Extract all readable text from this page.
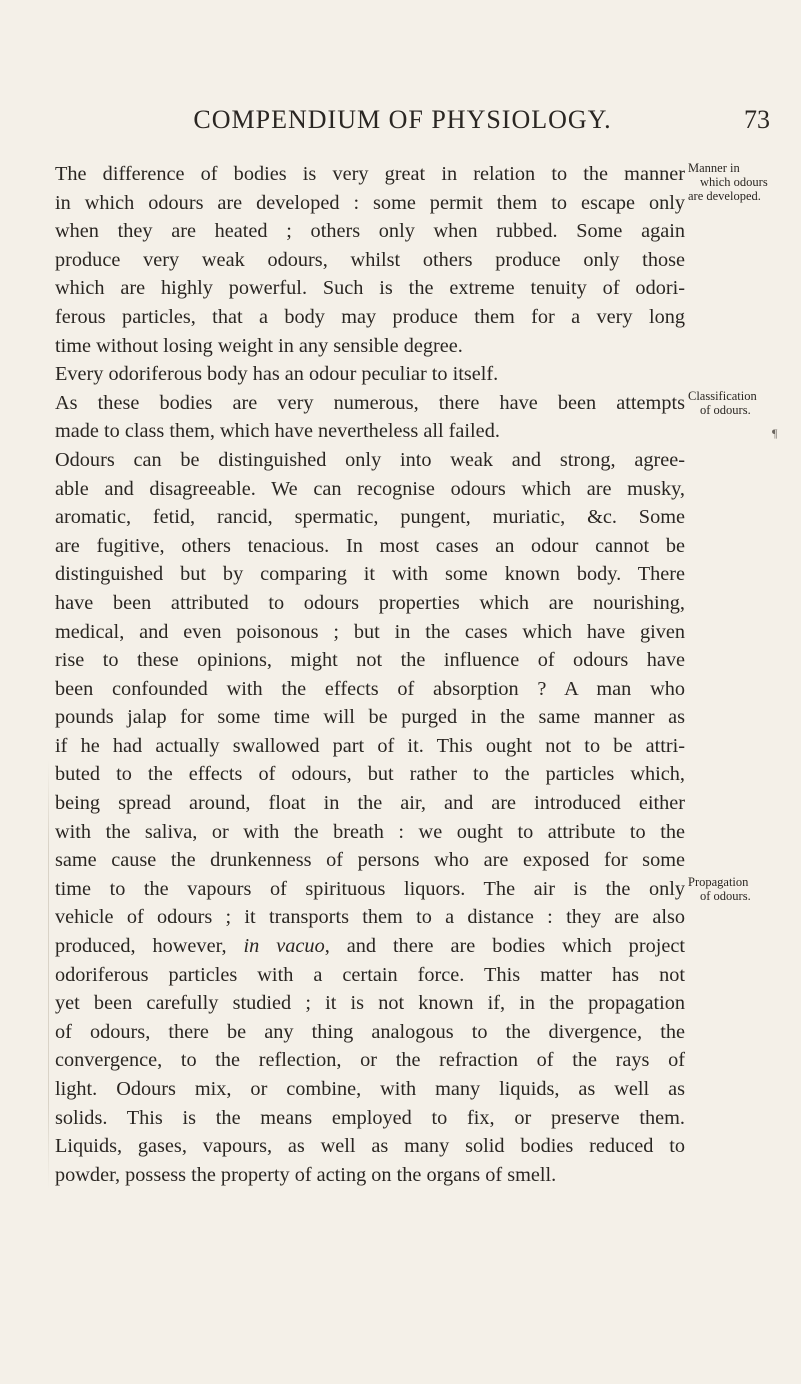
COMPENDIUM OF PHYSIOLOGY.	73
The difference of bodies is very great in relation to the manner
in which odours are developed : some permit them to escape only
when they are heated ; others only when rubbed. Some again
produce very weak odours, whilst others produce only those
which are highly powerful. Such is the extreme tenuity of odori-
ferous particles, that a body may produce them for a very long
time without losing weight in any sensible degree.
Every odoriferous body has an odour peculiar to itself.
As these bodies are very numerous, there have been attempts
made to class them, which have nevertheless all failed.
Odours can be distinguished only into weak and strong, agree-
able and disagreeable. We can recognise odours which are musky,
aromatic, fetid, rancid, spermatic, pungent, muriatic, &c. Some
are fugitive, others tenacious. In most cases an odour cannot be
distinguished but by comparing it with some known body. There
have been attributed to odours properties which are nourishing,
medical, and even poisonous ; but in the cases which have given
rise to these opinions, might not the influence of odours have
been confounded with the effects of absorption ? A man who
pounds jalap for some time will be purged in the same manner as
if he had actually swallowed part of it. This ought not to be attri-
buted to the effects of odours, but rather to the particles which,
being spread around, float in the air, and are introduced either
with the saliva, or with the breath : we ought to attribute to the
same cause the drunkenness of persons who are exposed for some
time to the vapours of spirituous liquors. The air is the only
vehicle of odours ; it transports them to a distance : they are also
produced, however, in vacuo, and there are bodies which project
odoriferous particles with a certain force. This matter has not
yet been carefully studied ; it is not known if, in the propagation
of odours, there be any thing analogous to the divergence, the
convergence, to the reflection, or the refraction of the rays of
light. Odours mix, or combine, with many liquids, as well as
solids. This is the means employed to fix, or preserve them.
Liquids, gases, vapours, as well as many solid bodies reduced to
powder, possess the property of acting on the organs of smell.
Manner in
which odours
are developed.
Classification
of odours.
¶
Propagation
of odours.
